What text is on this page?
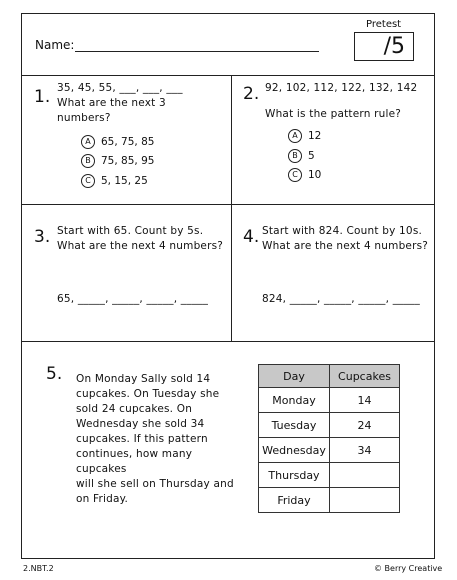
Pretest
/5
Name:
1. 35, 45, 55, ___, ___, ___
What are the next 3
numbers?
A 65, 75, 85
B 75, 85, 95
C 5, 15, 25
2. 92, 102, 112, 122, 132, 142
What is the pattern rule?
A 12
B 5
C 10
3. Start with 65. Count by 5s.
What are the next 4 numbers?
65, _____, _____, _____, _____
4. Start with 824. Count by 10s.
What are the next 4 numbers?
824, _____, _____, _____, _____
5. On Monday Sally sold 14
cupcakes. On Tuesday she
sold 24 cupcakes. On
Wednesday she sold 34
cupcakes. If this pattern
continues, how many cupcakes
will she sell on Thursday and
on Friday.
Day	Cupcakes
Monday	14
Tuesday	24
Wednesday	34
Thursday	
Friday	
2.NBT.2	© Berry Creative
